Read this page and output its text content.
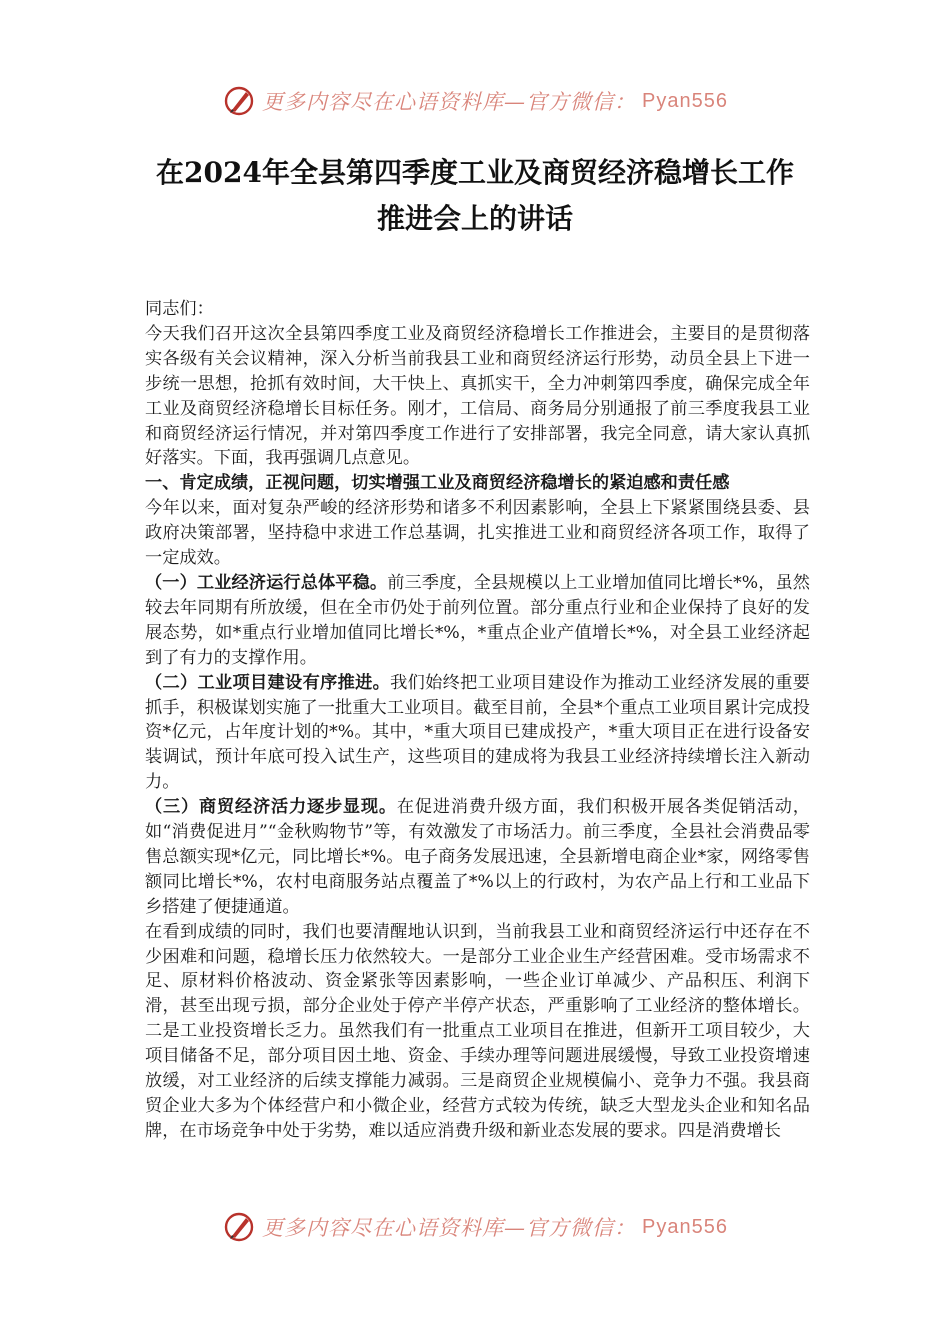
更多内容尽在心语资料库—官方微信： Pyan556
在2024年全县第四季度工业及商贸经济稳增长工作
推进会上的讲话

同志们：

今天我们召开这次全县第四季度工业及商贸经济稳增长工作推进会，主要目的是贯彻落实各级有关会议精神，深入分析当前我县工业和商贸经济运行形势，动员全县上下进一步统一思想，抢抓有效时间，大干快上、真抓实干，全力冲刺第四季度，确保完成全年工业及商贸经济稳增长目标任务。刚才，工信局、商务局分别通报了前三季度我县工业和商贸经济运行情况，并对第四季度工作进行了安排部署，我完全同意，请大家认真抓好落实。下面，我再强调几点意见。

一、肯定成绩，正视问题，切实增强工业及商贸经济稳增长的紧迫感和责任感

今年以来，面对复杂严峻的经济形势和诸多不利因素影响，全县上下紧紧围绕县委、县政府决策部署，坚持稳中求进工作总基调，扎实推进工业和商贸经济各项工作，取得了一定成效。

（一）工业经济运行总体平稳。前三季度，全县规模以上工业增加值同比增长*%，虽然较去年同期有所放缓，但在全市仍处于前列位置。部分重点行业和企业保持了良好的发展态势，如*重点行业增加值同比增长*%，*重点企业产值增长*%，对全县工业经济起到了有力的支撑作用。

（二）工业项目建设有序推进。我们始终把工业项目建设作为推动工业经济发展的重要抓手，积极谋划实施了一批重大工业项目。截至目前，全县*个重点工业项目累计完成投资*亿元，占年度计划的*%。其中，*重大项目已建成投产，*重大项目正在进行设备安装调试，预计年底可投入试生产，这些项目的建成将为我县工业经济持续增长注入新动力。

（三）商贸经济活力逐步显现。在促进消费升级方面，我们积极开展各类促销活动，如“消费促进月”“金秋购物节”等，有效激发了市场活力。前三季度，全县社会消费品零售总额实现*亿元，同比增长*%。电子商务发展迅速，全县新增电商企业*家，网络零售额同比增长*%，农村电商服务站点覆盖了*%以上的行政村，为农产品上行和工业品下乡搭建了便捷通道。

在看到成绩的同时，我们也要清醒地认识到，当前我县工业和商贸经济运行中还存在不少困难和问题，稳增长压力依然较大。一是部分工业企业生产经营困难。受市场需求不足、原材料价格波动、资金紧张等因素影响，一些企业订单减少、产品积压、利润下滑，甚至出现亏损，部分企业处于停产半停产状态，严重影响了工业经济的整体增长。二是工业投资增长乏力。虽然我们有一批重点工业项目在推进，但新开工项目较少，大项目储备不足，部分项目因土地、资金、手续办理等问题进展缓慢，导致工业投资增速放缓，对工业经济的后续支撑能力减弱。三是商贸企业规模偏小、竞争力不强。我县商贸企业大多为个体经营户和小微企业，经营方式较为传统，缺乏大型龙头企业和知名品牌，在市场竞争中处于劣势，难以适应消费升级和新业态发展的要求。四是消费增长

更多内容尽在心语资料库—官方微信： Pyan556
